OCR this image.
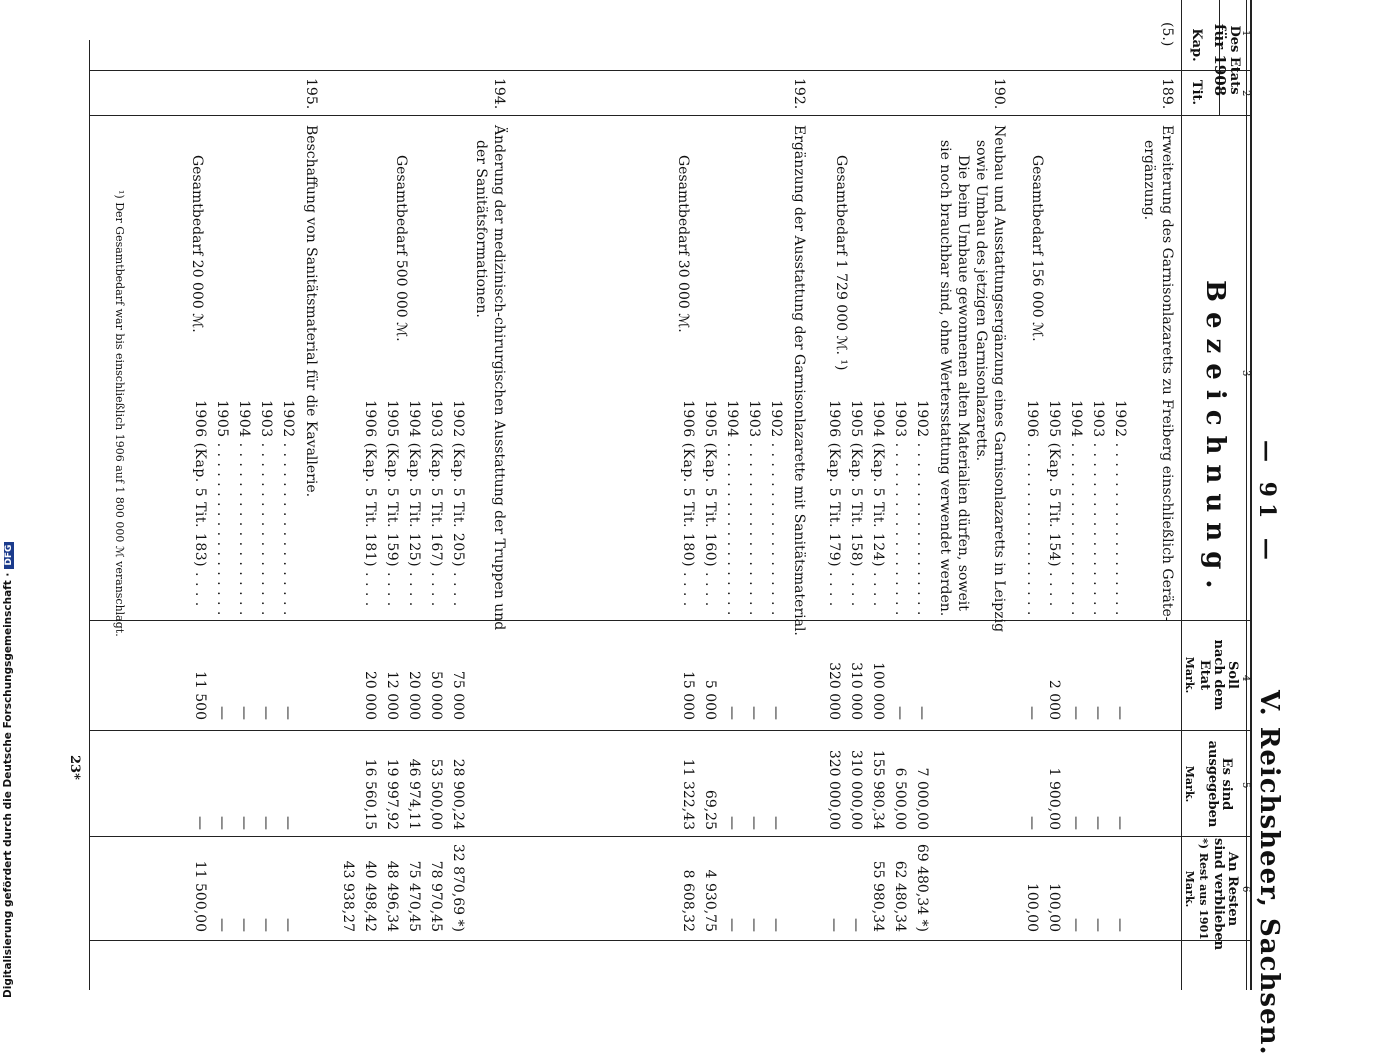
Digitalisierung gefördert durch die Deutsche Forschungsgemeinschaft ·DFG
V. Reichsheer, Sachsen.
— 91 —
23*
1
2
3
4
5
6
Des Etats
für 1908
Kap.
Tit.
Bezeichnung.
Soll
nach dem
Etat
Mark.
Es sind
ausgegeben
Mark.
An Resten
sind verblieben
*) Rest aus 1901
Mark.
(5.)
189.
Erweiterung des Garnisonlazaretts zu Freiberg einschließlich Geräte-
ergänzung.
Gesamtbedarf 156 000 ℳ.
1902 . . . . . . . . . . . . . . . . . .
—
—
—
1903 . . . . . . . . . . . . . . . . . .
—
—
—
1904 . . . . . . . . . . . . . . . . . .
—
—
—
1905 (Kap. 5 Tit. 154) . . . .
2 000
1 900,00
100,00
1906 . . . . . . . . . . . . . . . . . .
—
—
100,00
190.
Neubau und Ausstattungsergänzung eines Garnisonlazaretts in Leipzig
sowie Umbau des jetzigen Garnisonlazaretts.
Die beim Umbaue gewonnenen alten Materialien dürfen, soweit
sie noch brauchbar sind, ohne Wertersstattung verwendet werden.
Gesamtbedarf 1 729 000 ℳ. ¹)
1902 . . . . . . . . . . . . . . . . . .
—
7 000,00
69 480,34 *)
1903 . . . . . . . . . . . . . . . . . .
—
6 500,00
62 480,34
1904 (Kap. 5 Tit. 124) . . . .
100 000
155 980,34
55 980,34
1905 (Kap. 5 Tit. 158) . . . .
310 000
310 000,00
—
1906 (Kap. 5 Tit. 179) . . . .
320 000
320 000,00
—
192.
Ergänzung der Ausstattung der Garnisonlazarette mit Sanitätsmaterial.
Gesamtbedarf 30 000 ℳ.
1902 . . . . . . . . . . . . . . . . . .
—
—
—
1903 . . . . . . . . . . . . . . . . . .
—
—
—
1904 . . . . . . . . . . . . . . . . . .
—
—
—
1905 (Kap. 5 Tit. 160) . . . .
5 000
69,25
4 930,75
1906 (Kap. 5 Tit. 180) . . . .
15 000
11 322,43
8 608,32
194.
Änderung der medizinisch-chirurgischen Ausstattung der Truppen und
der Sanitätsformationen.
Gesamtbedarf 500 000 ℳ.
1902 (Kap. 5 Tit. 205) . . . .
75 000
28 900,24
32 870,69 *)
1903 (Kap. 5 Tit. 167) . . . .
50 000
53 500,00
78 970,45
1904 (Kap. 5 Tit. 125) . . . .
20 000
46 974,11
75 470,45
1905 (Kap. 5 Tit. 159) . . . .
12 000
19 997,92
48 496,34
1906 (Kap. 5 Tit. 181) . . . .
20 000
16 560,15
40 498,42
43 938,27
195.
Beschaffung von Sanitätsmaterial für die Kavallerie.
Gesamtbedarf 20 000 ℳ.
1902 . . . . . . . . . . . . . . . . . .
—
—
—
1903 . . . . . . . . . . . . . . . . . .
—
—
—
1904 . . . . . . . . . . . . . . . . . .
—
—
—
1905 . . . . . . . . . . . . . . . . . .
—
—
—
1906 (Kap. 5 Tit. 183) . . . .
11 500
—
11 500,00
¹) Der Gesamtbedarf war bis einschließlich 1906 auf 1 800 000 ℳ veranschlagt.
